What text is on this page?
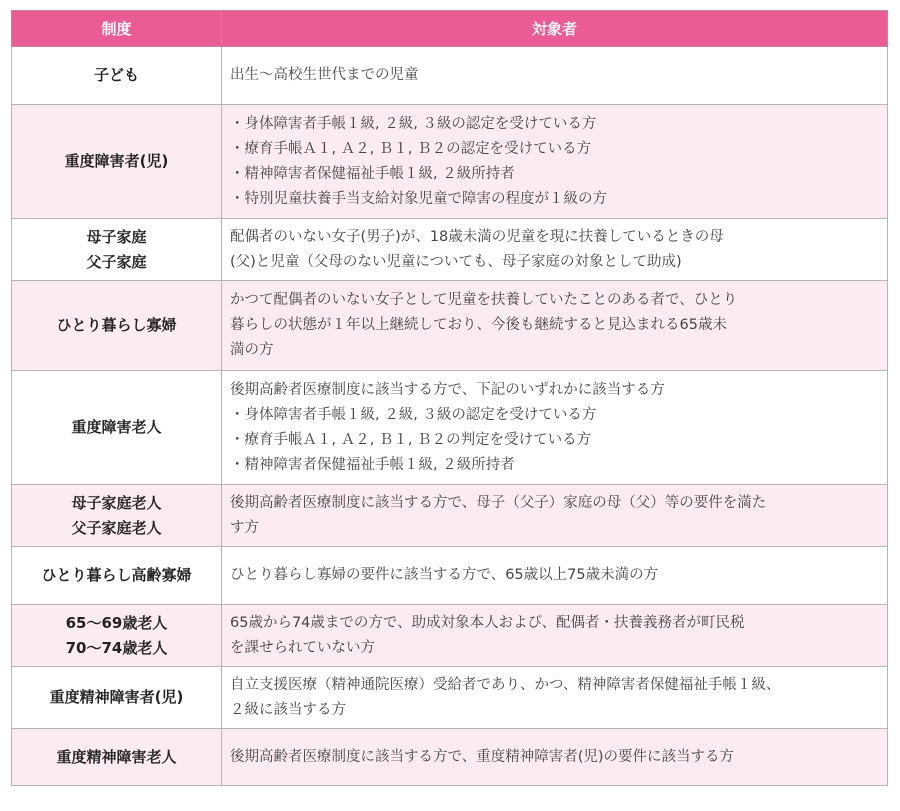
制度	対象者

子ども	出生～高校生世代までの児童

重度障害者(児)	・身体障害者手帳１級, ２級, ３級の認定を受けている方
・療育手帳Ａ１, Ａ２, Ｂ１, Ｂ２の認定を受けている方
・精神障害者保健福祉手帳１級, ２級所持者
・特別児童扶養手当支給対象児童で障害の程度が１級の方

母子家庭
父子家庭	配偶者のいない女子(男子)が、18歳未満の児童を現に扶養しているときの母
(父)と児童（父母のない児童についても、母子家庭の対象として助成)

ひとり暮らし寡婦	かつて配偶者のいない女子として児童を扶養していたことのある者で、ひとり
暮らしの状態が１年以上継続しており、今後も継続すると見込まれる65歳未
満の方

重度障害老人	後期高齢者医療制度に該当する方で、下記のいずれかに該当する方
・身体障害者手帳１級, ２級, ３級の認定を受けている方
・療育手帳Ａ１, Ａ２, Ｂ１, Ｂ２の判定を受けている方
・精神障害者保健福祉手帳１級, ２級所持者

母子家庭老人
父子家庭老人	後期高齢者医療制度に該当する方で、母子（父子）家庭の母（父）等の要件を満た
す方

ひとり暮らし高齢寡婦	ひとり暮らし寡婦の要件に該当する方で、65歳以上75歳未満の方

65～69歳老人
70～74歳老人	65歳から74歳までの方で、助成対象本人および、配偶者・扶養義務者が町民税
を課せられていない方

重度精神障害者(児)	自立支援医療（精神通院医療）受給者であり、かつ、精神障害者保健福祉手帳１級、
２級に該当する方

重度精神障害老人	後期高齢者医療制度に該当する方で、重度精神障害者(児)の要件に該当する方
